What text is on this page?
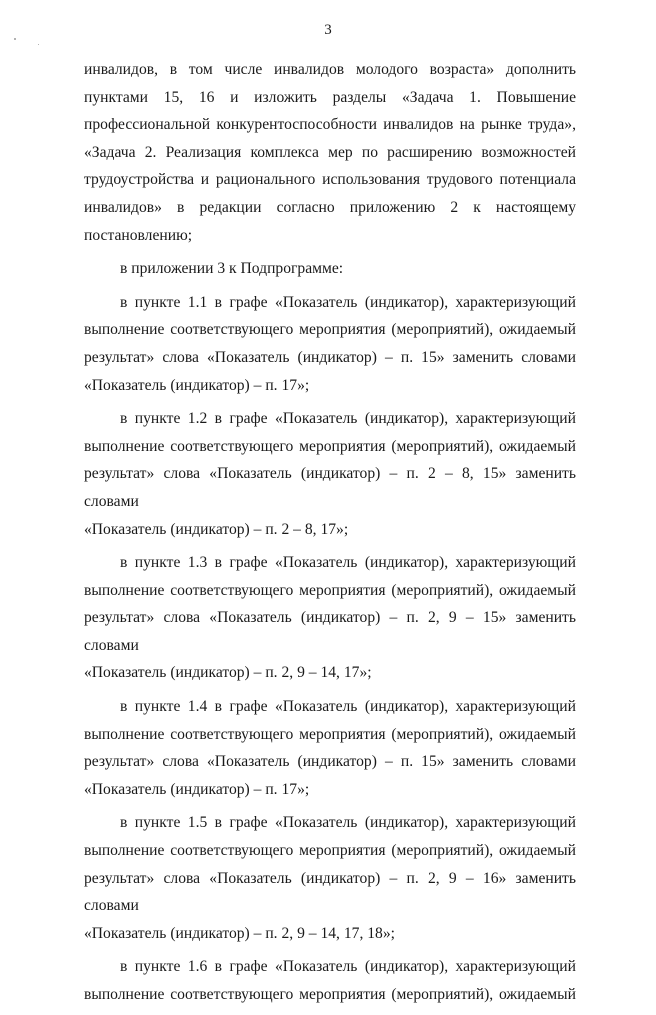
3
инвалидов, в том числе инвалидов молодого возраста» дополнить
пунктами 15, 16 и изложить разделы «Задача 1. Повышение
профессиональной конкурентоспособности инвалидов на рынке труда»,
«Задача 2. Реализация комплекса мер по расширению возможностей
трудоустройства и рационального использования трудового потенциала
инвалидов» в редакции согласно приложению 2 к настоящему
постановлению;
в приложении 3 к Подпрограмме:
в пункте 1.1 в графе «Показатель (индикатор), характеризующий
выполнение соответствующего мероприятия (мероприятий), ожидаемый
результат» слова «Показатель (индикатор) – п. 15» заменить словами
«Показатель (индикатор) – п. 17»;
в пункте 1.2 в графе «Показатель (индикатор), характеризующий
выполнение соответствующего мероприятия (мероприятий), ожидаемый
результат» слова «Показатель (индикатор) – п. 2 – 8, 15» заменить словами
«Показатель (индикатор) – п. 2 – 8, 17»;
в пункте 1.3 в графе «Показатель (индикатор), характеризующий
выполнение соответствующего мероприятия (мероприятий), ожидаемый
результат» слова «Показатель (индикатор) – п. 2, 9 – 15» заменить словами
«Показатель (индикатор) – п. 2, 9 – 14, 17»;
в пункте 1.4 в графе «Показатель (индикатор), характеризующий
выполнение соответствующего мероприятия (мероприятий), ожидаемый
результат» слова «Показатель (индикатор) – п. 15» заменить словами
«Показатель (индикатор) – п. 17»;
в пункте 1.5 в графе «Показатель (индикатор), характеризующий
выполнение соответствующего мероприятия (мероприятий), ожидаемый
результат» слова «Показатель (индикатор) – п. 2, 9 – 16» заменить словами
«Показатель (индикатор) – п. 2, 9 – 14, 17, 18»;
в пункте 1.6 в графе «Показатель (индикатор), характеризующий
выполнение соответствующего мероприятия (мероприятий), ожидаемый
